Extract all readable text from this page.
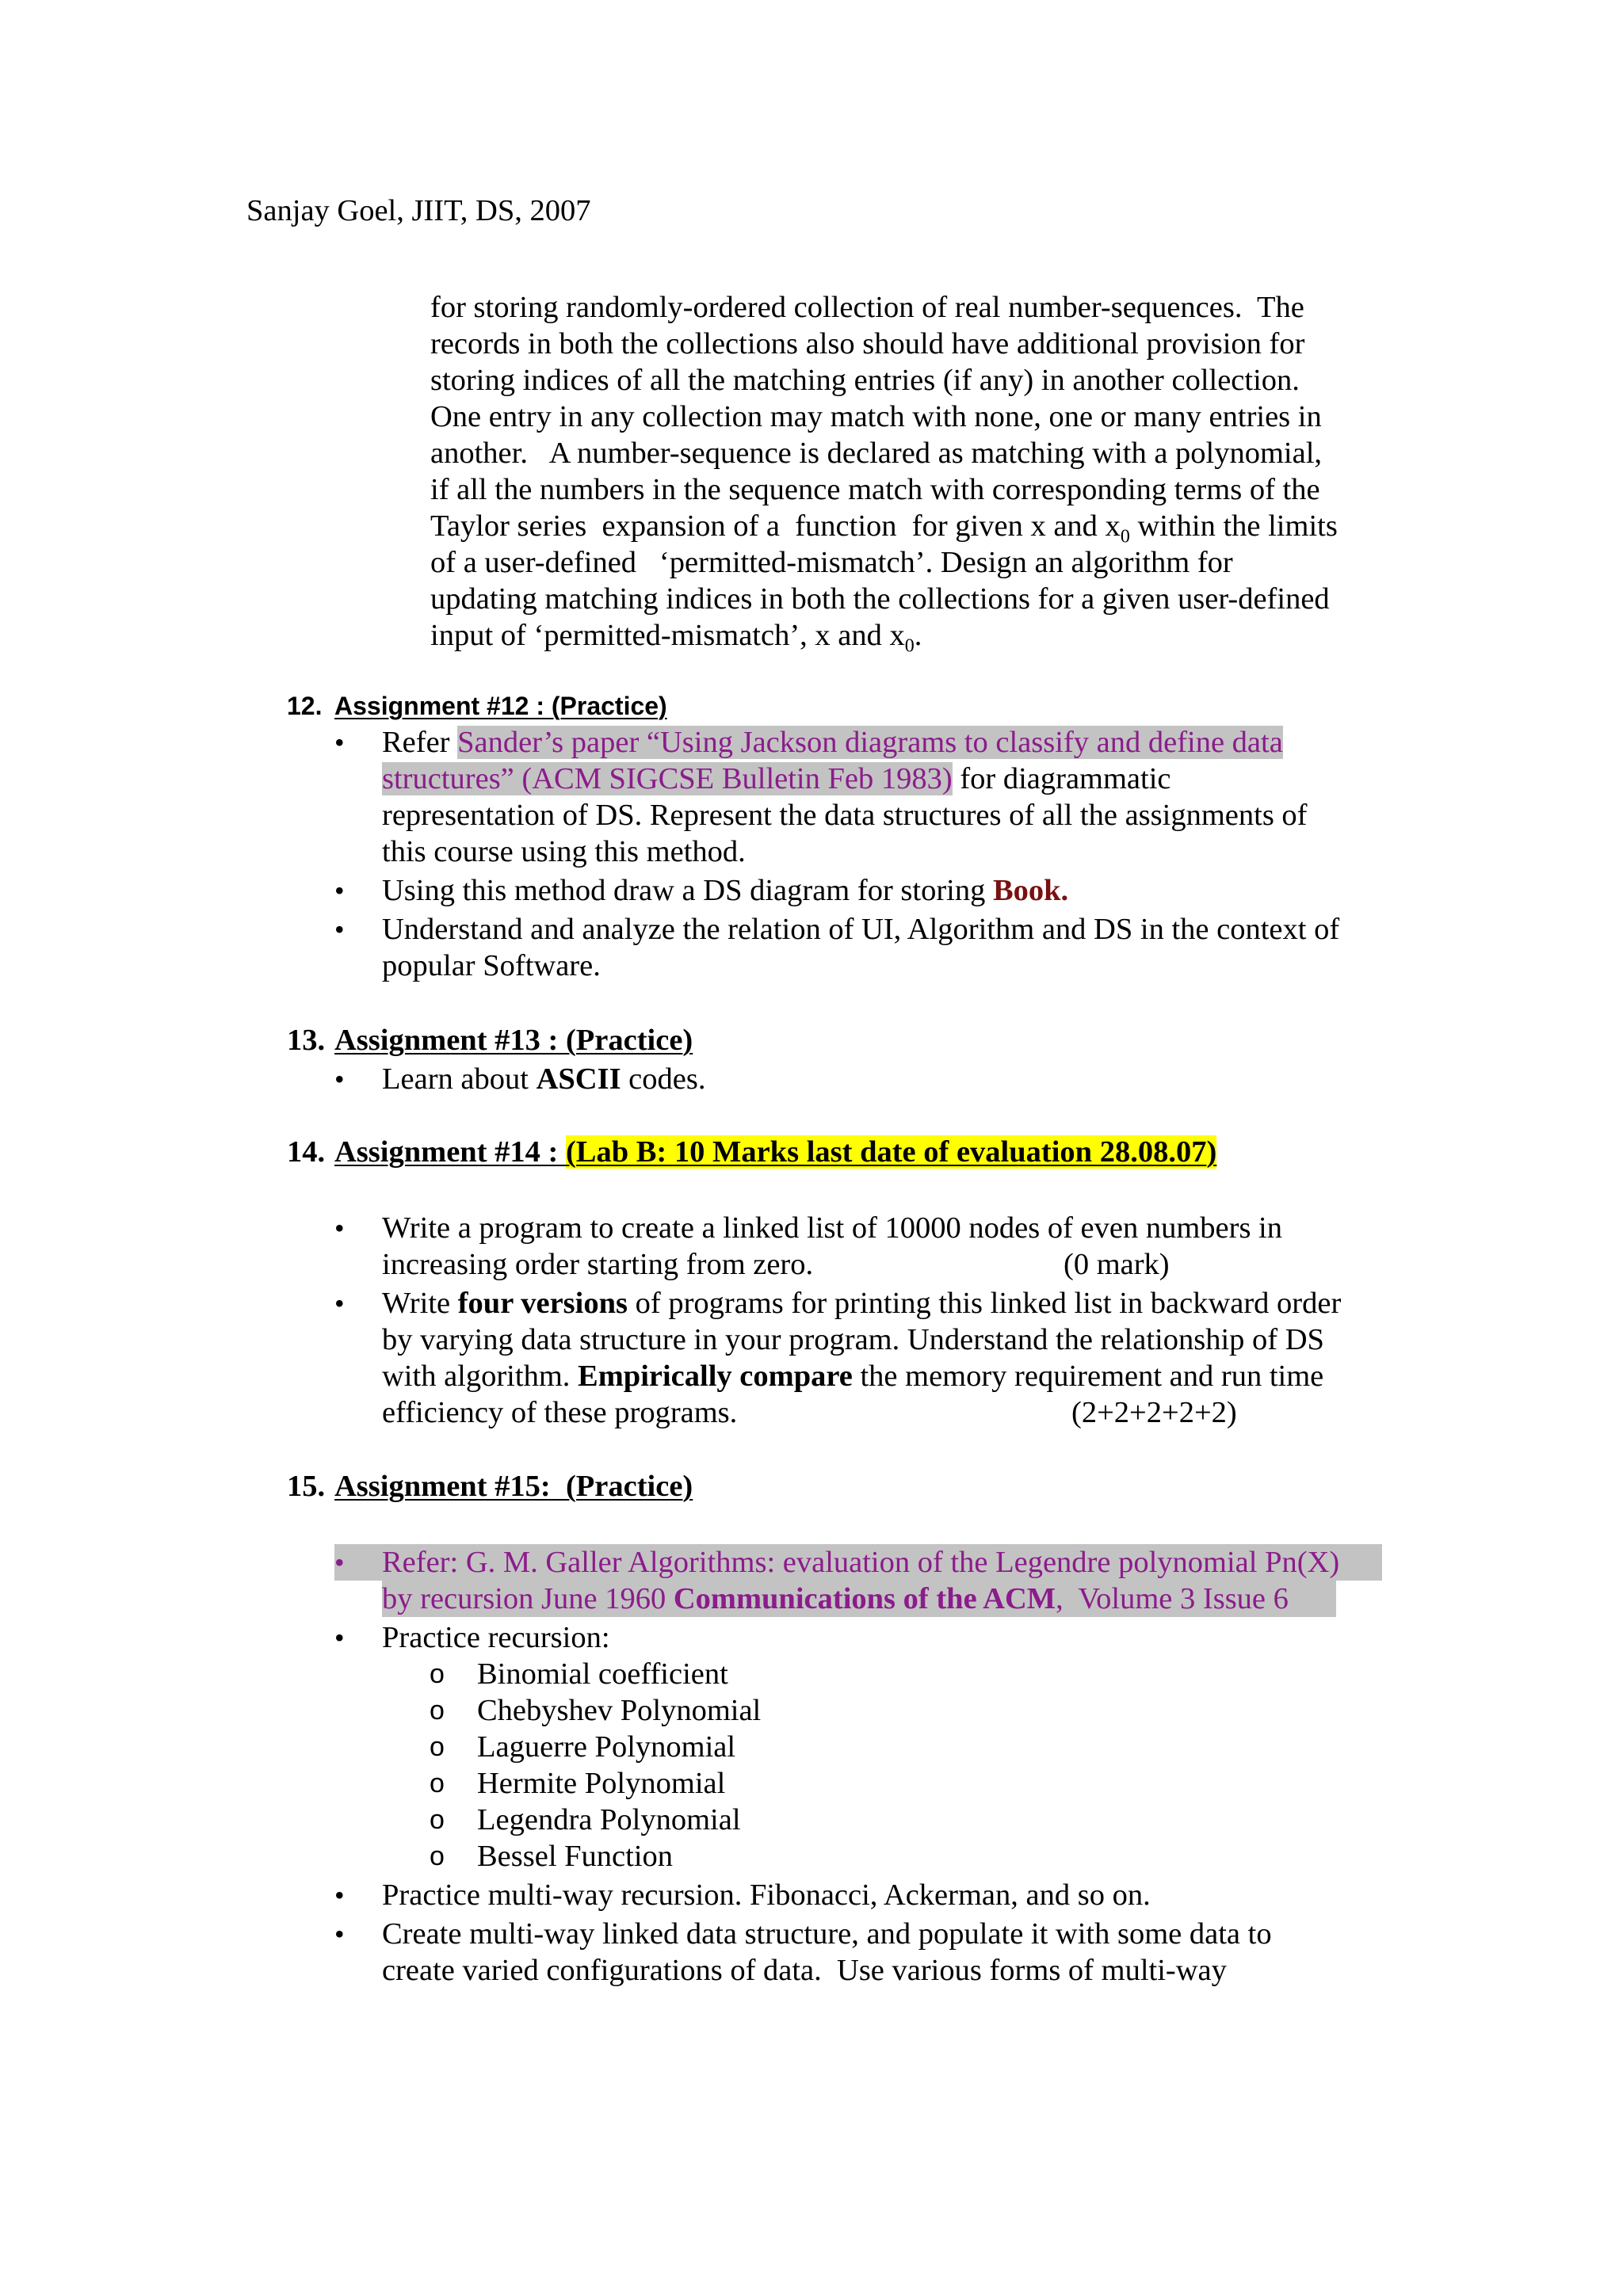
Sanjay Goel, JIIT, DS, 2007
for storing randomly-ordered collection of real number-sequences.  The
records in both the collections also should have additional provision for
storing indices of all the matching entries (if any) in another collection.
One entry in any collection may match with none, one or many entries in
another.   A number-sequence is declared as matching with a polynomial,
if all the numbers in the sequence match with corresponding terms of the
Taylor series  expansion of a  function  for given x and $x_0$ within the limits
of a user-defined   ‘permitted-mismatch’. Design an algorithm for
updating matching indices in both the collections for a given user-defined
input of ‘permitted-mismatch’, x and $x_0$.
12. Assignment #12 : (Practice)
• Refer Sander’s paper “Using Jackson diagrams to classify and define data
structures” (ACM SIGCSE Bulletin Feb 1983) for diagrammatic
representation of DS. Represent the data structures of all the assignments of
this course using this method.
• Using this method draw a DS diagram for storing Book.
• Understand and analyze the relation of UI, Algorithm and DS in the context of
popular Software.
13. Assignment #13 : (Practice)
• Learn about ASCII codes.
14. Assignment #14 : (Lab B: 10 Marks last date of evaluation 28.08.07)
• Write a program to create a linked list of 10000 nodes of even numbers in
increasing order starting from zero.	(0 mark)
• Write four versions of programs for printing this linked list in backward order
by varying data structure in your program. Understand the relationship of DS
with algorithm. Empirically compare the memory requirement and run time
efficiency of these programs.	(2+2+2+2+2)
15. Assignment #15:  (Practice)
• Refer: G. M. Galler Algorithms: evaluation of the Legendre polynomial Pn(X)
by recursion June 1960 Communications of the ACM,  Volume 3 Issue 6
• Practice recursion:
o Binomial coefficient
o Chebyshev Polynomial
o Laguerre Polynomial
o Hermite Polynomial
o Legendra Polynomial
o Bessel Function
• Practice multi-way recursion. Fibonacci, Ackerman, and so on.
• Create multi-way linked data structure, and populate it with some data to
create varied configurations of data.  Use various forms of multi-way
